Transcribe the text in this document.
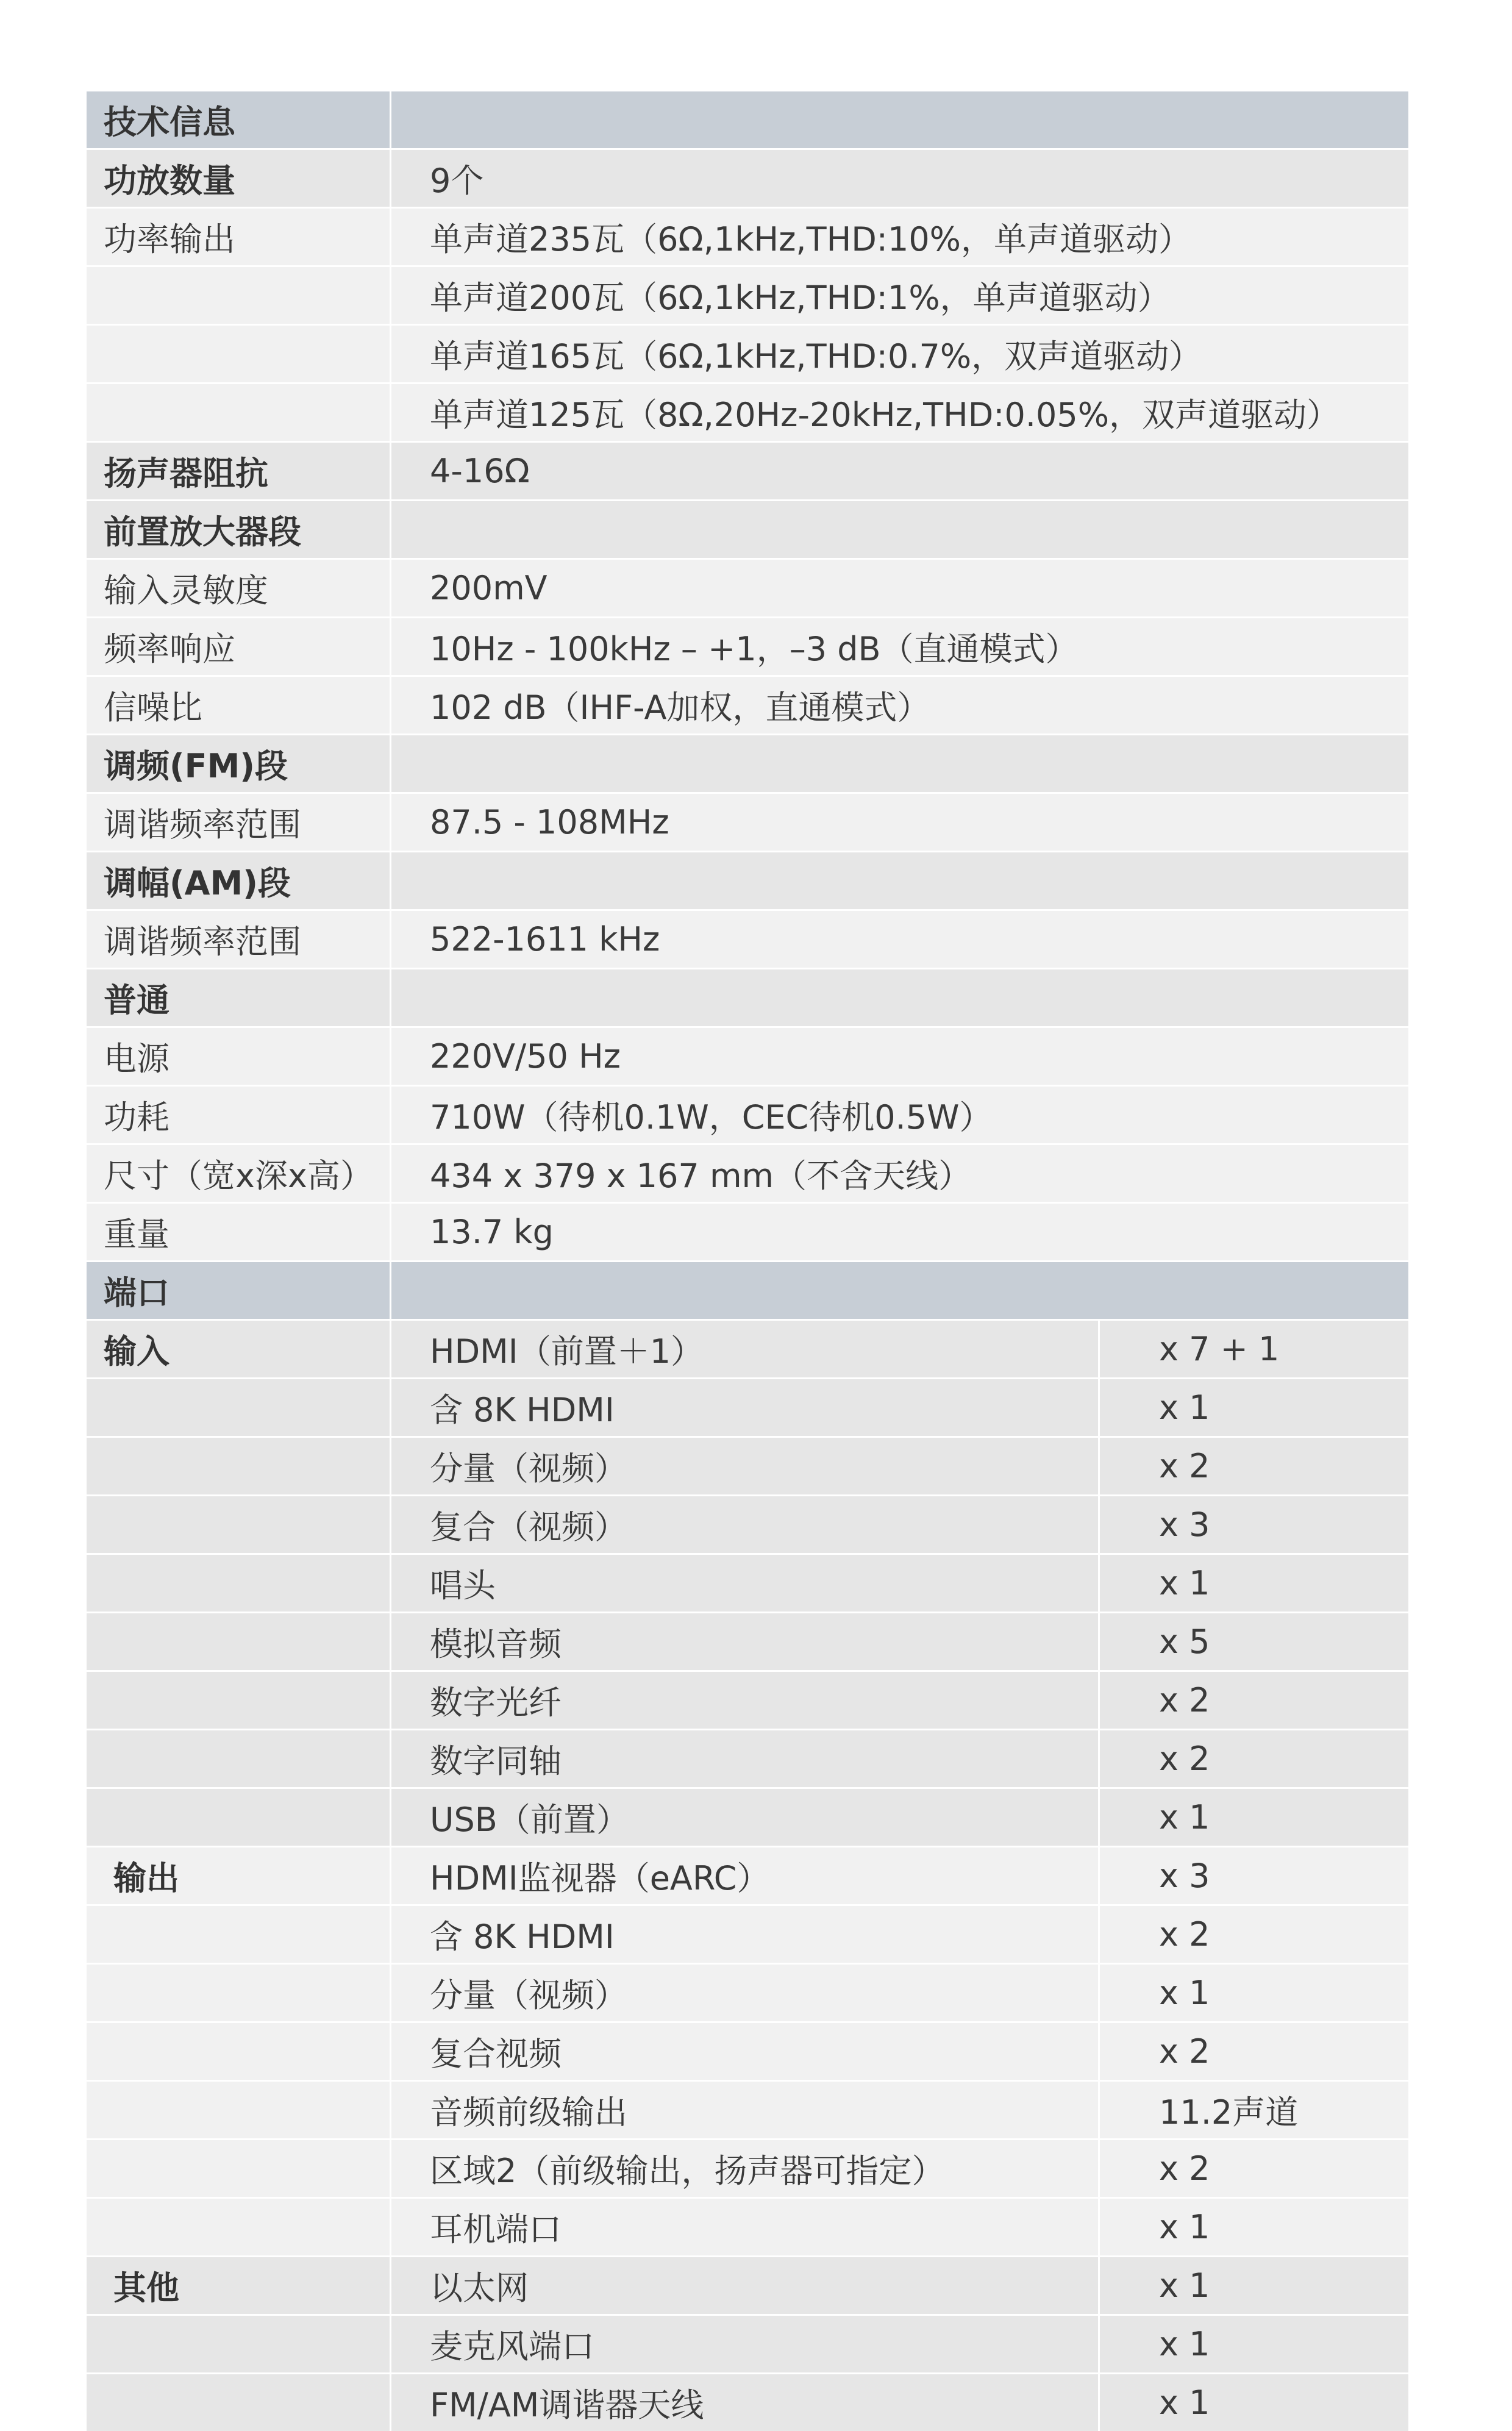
技术信息
功放数量	9个
功率输出	单声道235瓦（6Ω,1kHz,THD:10%，单声道驱动）
单声道200瓦（6Ω,1kHz,THD:1%，单声道驱动）
单声道165瓦（6Ω,1kHz,THD:0.7%，双声道驱动）
单声道125瓦（8Ω,20Hz-20kHz,THD:0.05%，双声道驱动）
扬声器阻抗	4-16Ω
前置放大器段
输入灵敏度	200mV
频率响应	10Hz - 100kHz – +1，–3 dB（直通模式）
信噪比	102 dB（IHF-A加权，直通模式）
调频(FM)段
调谐频率范围	87.5 - 108MHz
调幅(AM)段
调谐频率范围	522-1611 kHz
普通
电源	220V/50 Hz
功耗	710W（待机0.1W，CEC待机0.5W）
尺寸（宽x深x高）	434 x 379 x 167 mm（不含天线）
重量	13.7 kg
端口
输入	HDMI（前置＋1）	x 7 + 1
含 8K HDMI	x 1
分量（视频）	x 2
复合（视频）	x 3
唱头	x 1
模拟音频	x 5
数字光纤	x 2
数字同轴	x 2
USB（前置）	x 1
输出	HDMI监视器（eARC）	x 3
含 8K HDMI	x 2
分量（视频）	x 1
复合视频	x 2
音频前级输出	11.2声道
区域2（前级输出，扬声器可指定）	x 2
耳机端口	x 1
其他	以太网	x 1
麦克风端口	x 1
FM/AM调谐器天线	x 1
